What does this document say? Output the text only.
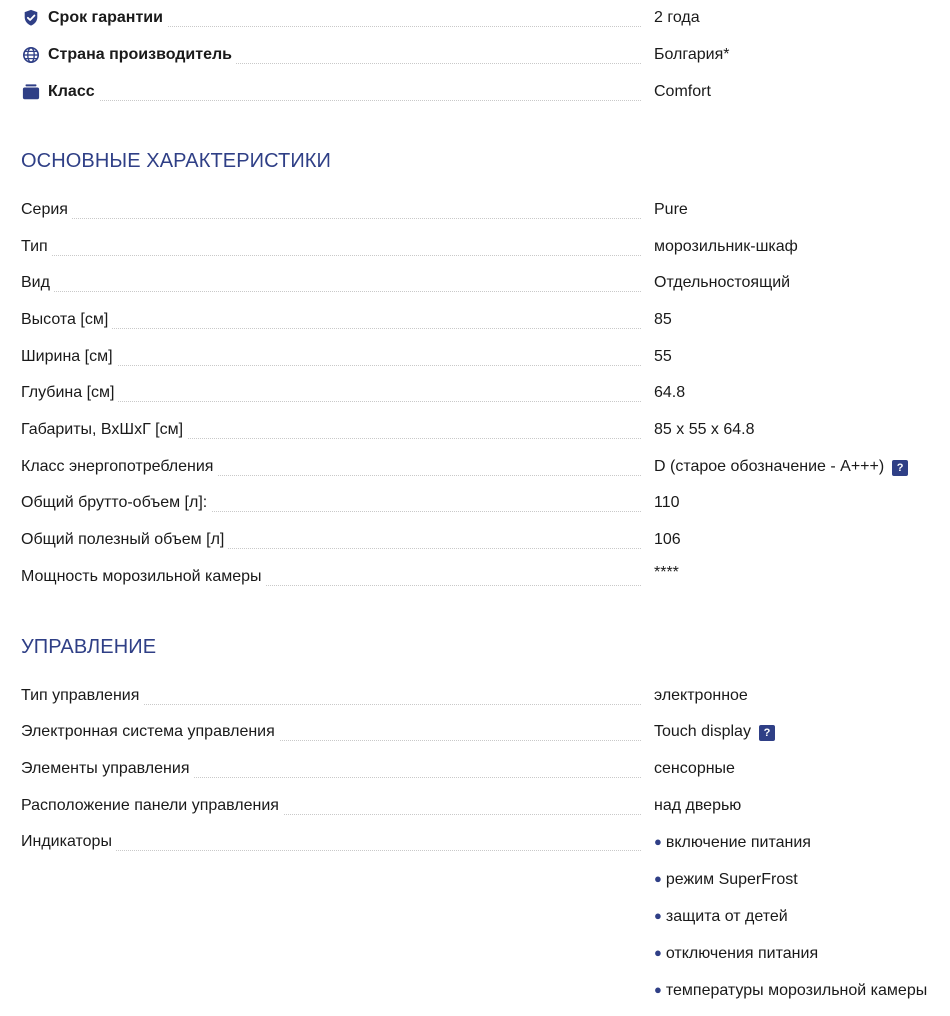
Срок гарантии	2 года
Страна производитель	Болгария*
Класс	Comfort
ОСНОВНЫЕ ХАРАКТЕРИСТИКИ
Серия	Pure
Тип	морозильник-шкаф
Вид	Отдельностоящий
Высота [см]	85
Ширина [см]	55
Глубина [см]	64.8
Габариты, ВхШхГ [см]	85 x 55 x 64.8
Класс энергопотребления	D (старое обозначение - A+++) ?
Общий брутто-объем [л]:	110
Общий полезный объем [л]	106
Мощность морозильной камеры	****
УПРАВЛЕНИЕ
Тип управления	электронное
Электронная система управления	Touch display ?
Элементы управления	сенсорные
Расположение панели управления	над дверью
Индикаторы	● включение питания
● режим SuperFrost
● защита от детей
● отключения питания
● температуры морозильной камеры
